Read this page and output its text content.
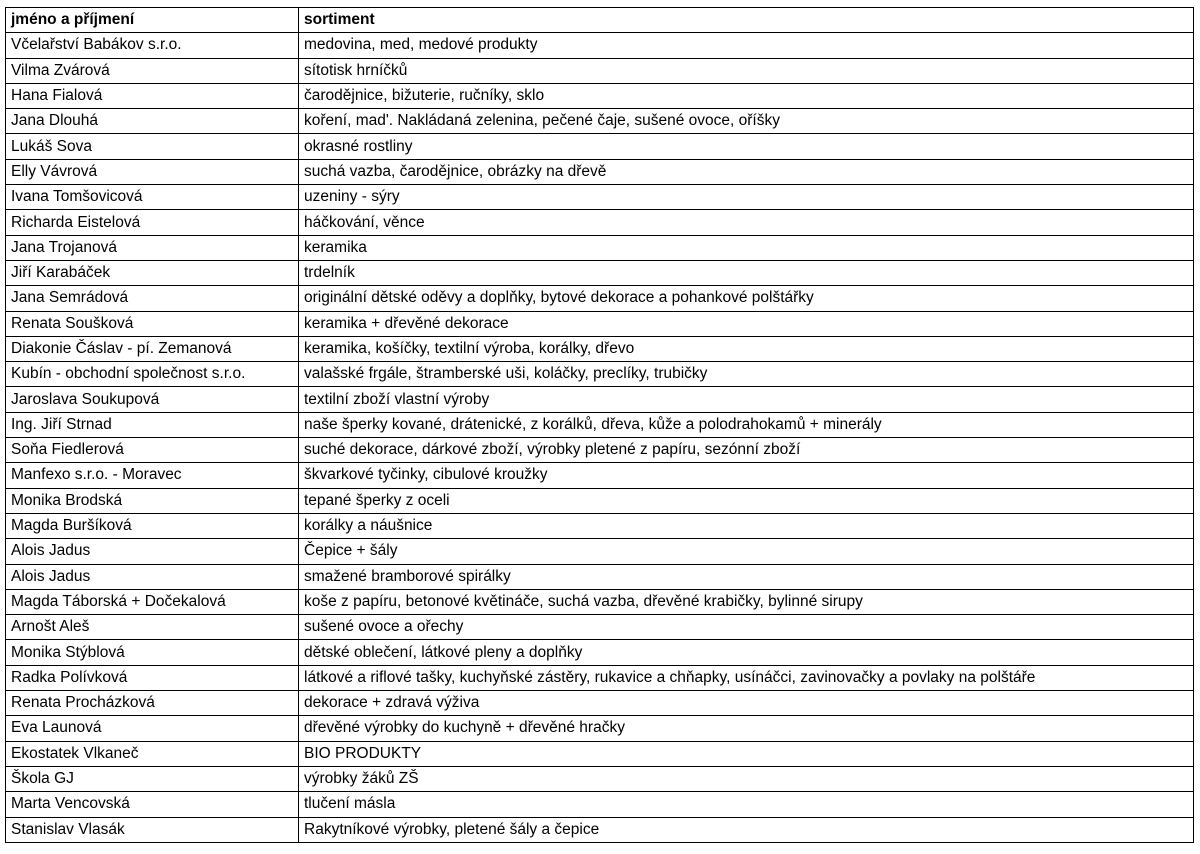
jméno a příjmení	sortiment
Včelařství Babákov s.r.o.	medovina, med, medové produkty
Vilma Zvárová	sítotisk hrníčků
Hana Fialová	čarodějnice, bižuterie, ručníky, sklo
Jana Dlouhá	koření, mad'. Nakládaná zelenina, pečené čaje, sušené ovoce, oříšky
Lukáš Sova	okrasné rostliny
Elly Vávrová	suchá vazba, čarodějnice, obrázky na dřevě
Ivana Tomšovicová	uzeniny - sýry
Richarda Eistelová	háčkování, věnce
Jana Trojanová	keramika
Jiří Karabáček	trdelník
Jana Semrádová	originální dětské oděvy a doplňky, bytové dekorace a pohankové polštářky
Renata Soušková	keramika + dřevěné dekorace
Diakonie Čáslav - pí. Zemanová	keramika, košíčky, textilní výroba, korálky, dřevo
Kubín - obchodní společnost s.r.o.	valašské frgále, štramberské uši, koláčky, preclíky, trubičky
Jaroslava Soukupová	textilní zboží vlastní výroby
Ing. Jiří Strnad	naše šperky kované, drátenické, z korálků, dřeva, kůže a polodrahokamů + minerály
Soňa Fiedlerová	suché dekorace, dárkové zboží, výrobky pletené z papíru, sezónní zboží
Manfexo s.r.o. - Moravec	škvarkové tyčinky, cibulové kroužky
Monika Brodská	tepané šperky z oceli
Magda Buršíková	korálky a náušnice
Alois Jadus	Čepice + šály
Alois Jadus	smažené bramborové spirálky
Magda Táborská + Dočekalová	koše z papíru, betonové květináče, suchá vazba, dřevěné krabičky, bylinné sirupy
Arnošt Aleš	sušené ovoce a ořechy
Monika Stýblová	dětské oblečení, látkové pleny a doplňky
Radka Polívková	látkové a riflové tašky, kuchyňské zástěry, rukavice a chňapky, usínáčci, zavinovačky a povlaky na polštáře
Renata Procházková	dekorace + zdravá výživa
Eva Launová	dřevěné výrobky do kuchyně + dřevěné hračky
Ekostatek Vlkaneč	BIO PRODUKTY
Škola GJ	výrobky žáků ZŠ
Marta Vencovská	tlučení másla
Stanislav Vlasák	Rakytníkové výrobky, pletené šály a čepice
